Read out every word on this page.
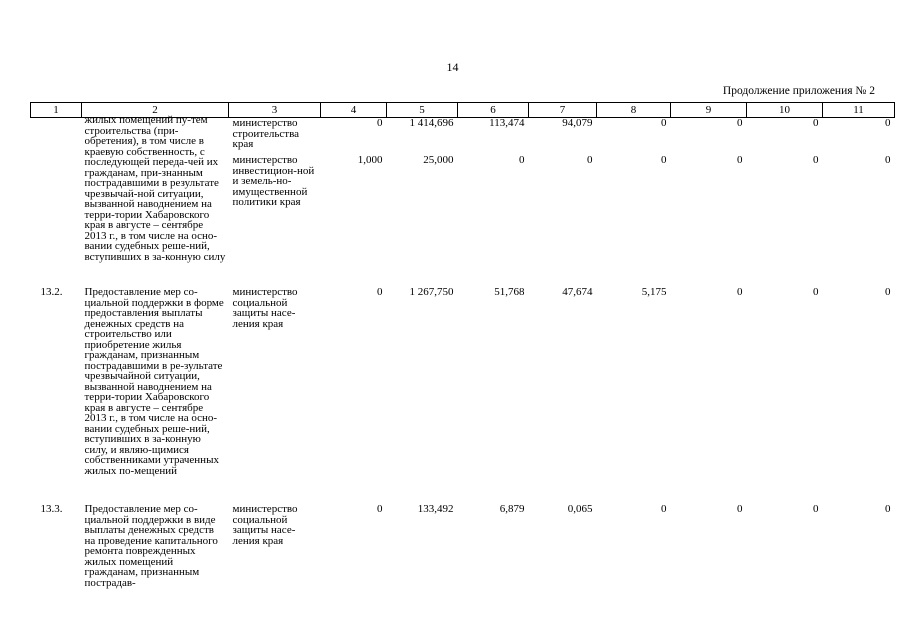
14
Продолжение приложения № 2
1	2	3	4	5	6	7	8	9	10	11

	жилых помещений пу-тем строительства (при-обретения), в том числе в краевую собственность, с последующей переда-чей их гражданам, при-знанным пострадавшими в результате чрезвычай-ной ситуации, вызванной наводнением на терри-тории Хабаровского края в августе – сентябре 2013 г., в том числе на осно-вании судебных реше-ний, вступивших в за-конную силу	министерство строительства края	0	1 414,696	113,474	94,079	0	0	0	0
		министерство инвестицион-ной и земель-но-имущественной политики края	1,000	25,000	0	0	0	0	0	0
13.2.	Предоставление мер со-циальной поддержки в форме предоставления выплаты денежных средств на строительство или приобретение жилья гражданам, признанным пострадавшими в ре-зультате чрезвычайной ситуации, вызванной наводнением на терри-тории Хабаровского края в августе – сентябре 2013 г., в том числе на осно-вании судебных реше-ний, вступивших в за-конную силу, и являю-щимися собственниками утраченных жилых по-мещений	министерство социальной защиты насе-ления края	0	1 267,750	51,768	47,674	5,175	0	0	0
13.3.	Предоставление мер со-циальной поддержки в виде выплаты денежных средств на проведение капитального ремонта поврежденных жилых помещений гражданам, признанным пострадав-	министерство социальной защиты насе-ления края	0	133,492	6,879	0,065	0	0	0	0
